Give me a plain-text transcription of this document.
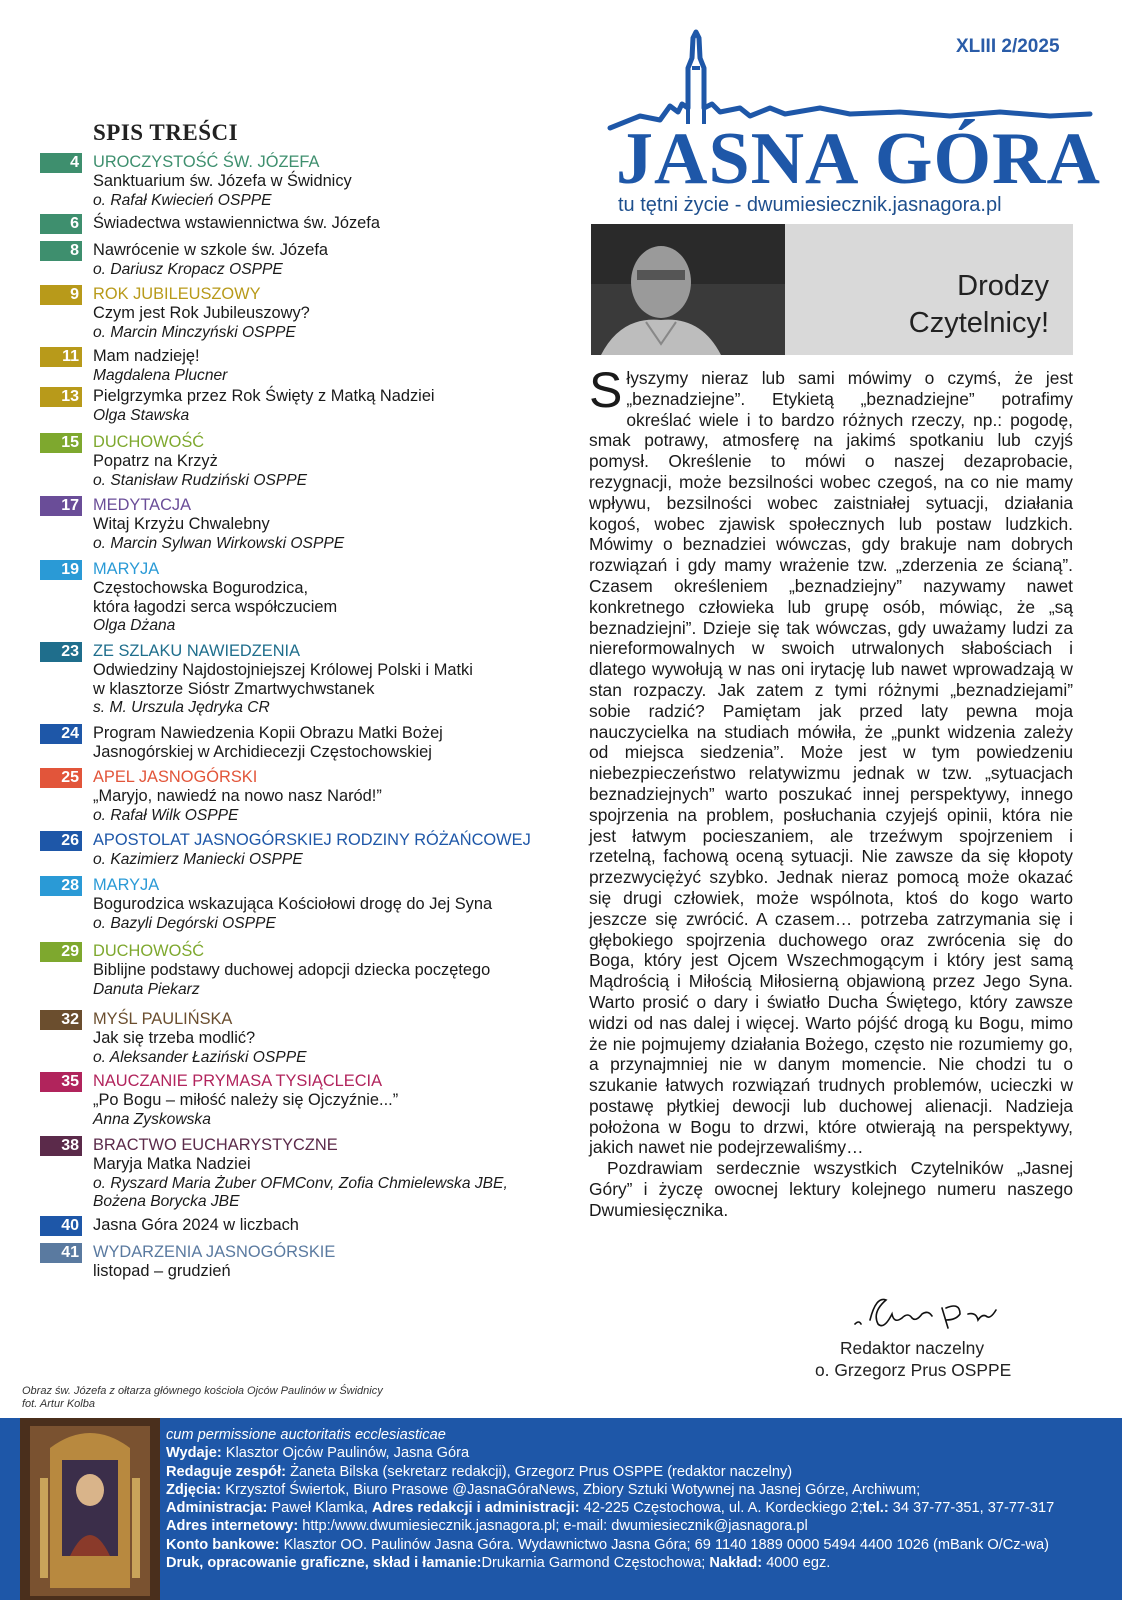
XLIII 2/2025
JASNA GÓRA
tu tętni życie - dwumiesiecznik.jasnagora.pl
Drodzy
Czytelnicy!

Słyszymy nieraz lub sami mówimy o czymś, że jest „beznadziejne”. Etykietą „beznadziejne” potrafimy określać wiele i to bardzo różnych rzeczy, np.: pogodę, smak potrawy, atmosferę na jakimś spotkaniu lub czyjś pomysł. Określenie to mówi o naszej dezaprobacie, rezygnacji, może bezsilności wobec czegoś, na co nie mamy wpływu, bezsilności wobec zaistniałej sytuacji, działania kogoś, wobec zjawisk społecznych lub postaw ludzkich. Mówimy o beznadziei wówczas, gdy brakuje nam dobrych rozwiązań i gdy mamy wrażenie tzw. „zderzenia ze ścianą”. Czasem określeniem „beznadziejny” nazywamy nawet konkretnego człowieka lub grupę osób, mówiąc, że „są beznadziejni”. Dzieje się tak wówczas, gdy uważamy ludzi za niereformowalnych w swoich utrwalonych słabościach i dlatego wywołują w nas oni irytację lub nawet wprowadzają w stan rozpaczy. Jak zatem z tymi różnymi „beznadziejami” sobie radzić? Pamiętam jak przed laty pewna moja nauczycielka na studiach mówiła, że „punkt widzenia zależy od miejsca siedzenia”. Może jest w tym powiedzeniu niebezpieczeństwo relatywizmu jednak w tzw. „sytuacjach beznadziejnych” warto poszukać innej perspektywy, innego spojrzenia na problem, posłuchania czyjejś opinii, która nie jest łatwym pocieszaniem, ale trzeźwym spojrzeniem i rzetelną, fachową oceną sytuacji. Nie zawsze da się kłopoty przezwyciężyć szybko. Jednak nieraz pomocą może okazać się drugi człowiek, może wspólnota, ktoś do kogo warto jeszcze się zwrócić. A czasem… potrzeba zatrzymania się i głębokiego spojrzenia duchowego oraz zwrócenia się do Boga, który jest Ojcem Wszechmogącym i który jest samą Mądrością i Miłością Miłosierną objawioną przez Jego Syna. Warto prosić o dary i światło Ducha Świętego, który zawsze widzi od nas dalej i więcej. Warto pójść drogą ku Bogu, mimo że nie pojmujemy działania Bożego, często nie rozumiemy go, a przynajmniej nie w danym momencie. Nie chodzi tu o szukanie łatwych rozwiązań trudnych problemów, ucieczki w postawę płytkiej dewocji lub duchowej alienacji. Nadzieja położona w Bogu to drzwi, które otwierają na perspektywy, jakich nawet nie podejrzewaliśmy…

Pozdrawiam serdecznie wszystkich Czytelników „Jasnej Góry” i życzę owocnej lektury kolejnego numeru naszego Dwumiesięcznika.

Redaktor naczelny
o. Grzegorz Prus OSPPE
SPIS TREŚCI
4 UROCZYSTOŚĆ ŚW. JÓZEFA
Sanktuarium św. Józefa w Świdnicy
o. Rafał Kwiecień OSPPE
6 Świadectwa wstawiennictwa św. Józefa
8 Nawrócenie w szkole św. Józefa
o. Dariusz Kropacz OSPPE
9 ROK JUBILEUSZOWY
Czym jest Rok Jubileuszowy?
o. Marcin Minczyński OSPPE
11 Mam nadzieję!
Magdalena Plucner
13 Pielgrzymka przez Rok Święty z Matką Nadziei
Olga Stawska
15 DUCHOWOŚĆ
Popatrz na Krzyż
o. Stanisław Rudziński OSPPE
17 MEDYTACJA
Witaj Krzyżu Chwalebny
o. Marcin Sylwan Wirkowski OSPPE
19 MARYJA
Częstochowska Bogurodzica,
która łagodzi serca współczuciem
Olga Dżana
23 ZE SZLAKU NAWIEDZENIA
Odwiedziny Najdostojniejszej Królowej Polski i Matki
w klasztorze Sióstr Zmartwychwstanek
s. M. Urszula Jędryka CR
24 Program Nawiedzenia Kopii Obrazu Matki Bożej
Jasnogórskiej w Archidiecezji Częstochowskiej
25 APEL JASNOGÓRSKI
„Maryjo, nawiedź na nowo nasz Naród!”
o. Rafał Wilk OSPPE
26 APOSTOLAT JASNOGÓRSKIEJ RODZINY RÓŻAŃCOWEJ
o. Kazimierz Maniecki OSPPE
28 MARYJA
Bogurodzica wskazująca Kościołowi drogę do Jej Syna
o. Bazyli Degórski OSPPE
29 DUCHOWOŚĆ
Biblijne podstawy duchowej adopcji dziecka poczętego
Danuta Piekarz
32 MYŚL PAULIŃSKA
Jak się trzeba modlić?
o. Aleksander Łaziński OSPPE
35 NAUCZANIE PRYMASA TYSIĄCLECIA
„Po Bogu – miłość należy się Ojczyźnie...”
Anna Zyskowska
38 BRACTWO EUCHARYSTYCZNE
Maryja Matka Nadziei
o. Ryszard Maria Żuber OFMConv, Zofia Chmielewska JBE,
Bożena Borycka JBE
40 Jasna Góra 2024 w liczbach
41 WYDARZENIA JASNOGÓRSKIE
listopad – grudzień
Obraz św. Józefa z ołtarza głównego kościoła Ojców Paulinów w Świdnicy
fot. Artur Kolba
cum permissione auctoritatis ecclesiasticae
Wydaje: Klasztor Ojców Paulinów, Jasna Góra
Redaguje zespół: Żaneta Bilska (sekretarz redakcji), Grzegorz Prus OSPPE (redaktor naczelny)
Zdjęcia: Krzysztof Świertok, Biuro Prasowe @JasnaGóraNews, Zbiory Sztuki Wotywnej na Jasnej Górze, Archiwum;
Administracja: Paweł Klamka, Adres redakcji i administracji: 42-225 Częstochowa, ul. A. Kordeckiego 2;tel.: 34 37-77-351, 37-77-317
Adres internetowy: http:/www.dwumiesiecznik.jasnagora.pl; e-mail: dwumiesiecznik@jasnagora.pl
Konto bankowe: Klasztor OO. Paulinów Jasna Góra. Wydawnictwo Jasna Góra; 69 1140 1889 0000 5494 4400 1026 (mBank O/Cz-wa)
Druk, opracowanie graficzne, skład i łamanie:Drukarnia Garmond Częstochowa; Nakład: 4000 egz.
